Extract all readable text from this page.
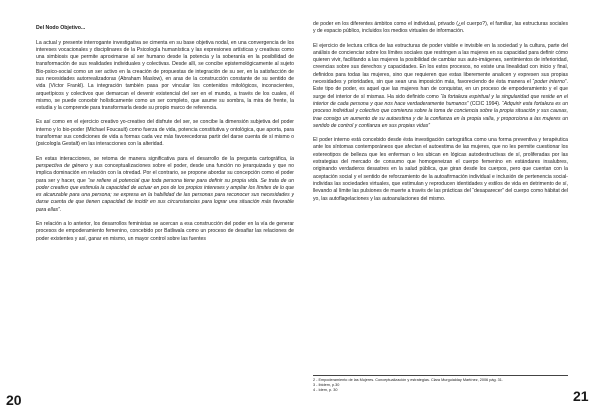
Del Nodo Objetivo...

La actual y presente interrogante investigativa se cimenta en su base objetiva nodal, en una convergencia de los intereses vocacionales y disciplinares de la Psicología humanística y las expresiones artísticas y creativas como una simbiosis que permite aproximarse al ser humano desde la potencia y la soberanía en la posibilidad de transformación de sus realidades individuales y colectivas. Desde allí, se concibe epistemológicamente al sujeto Bio-psico-social como un ser activo en la creación de propuestas de integración de su ser, en la satisfacción de sus necesidades autorrealizadoras (Abraham Maslow), en aras de la construcción constante de su sentido de vida (Víctor Frankl). La integración también pasa por vincular los contenidos mitológicos, inconscientes, arquetípicos y colectivos que demarcan el devenir existencial del ser en el mundo, a través de los cuales, él mismo, se puede concebir holísticamente como un ser completo, que asume su sombra, la mira de frente, la estudia y la comprende para transformarla desde su propio marco de referencia.

Es así como en el ejercicio creativo yo-creativo del disfrute del ser, se concibe la dimensión subjetiva del poder interno y lo bio-poder (Michael Foucault) como fuerza de vida, potencia constitutiva y ontológica, que aporta, para transformar sus condiciones de vida a formas cada vez más favorecedoras partir del darse cuenta de sí mismo o (psicología Gestalt) en las interacciones con la alteridad.

En estas interacciones, se retoma de manera significativa para el desarrollo de la pregunta cartográfica, la perspectiva de género y sus conceptualizaciones sobre el poder, desde una función no jerarquizada y que no implica dominación en relación con la otredad. Por el contrario, se propone abordar su concepción como el poder para ser y hacer, que “se refiere al potencial que toda persona tiene para definir su propia vida. Se trata de un poder creativo que estimula la capacidad de actuar en pos de los propios intereses y ampliar los límites de lo que es alcanzable para una persona; se expresa en la habilidad de las personas para reconocer sus necesidades y darse cuenta de que tienen capacidad de incidir en sus circunstancias para lograr una situación más favorable para ellas”.

En relación a lo anterior, los desarrollos feministas se acercan a esa construcción del poder en la vía de generar procesos de empoderamiento femenino, concebido por Batliwala como un proceso de desafiar las relaciones de poder existentes y así, ganar en mismo, un mayor control sobre las fuentes

de poder en los diferentes ámbitos como el individual, privado (¿el cuerpo?), el familiar, las estructuras sociales y de espacio público, incluidos los medios virtuales de información.

El ejercicio de lectura crítica de las estructuras de poder visible e invisible en la sociedad y la cultura, parte del análisis de concienciar sobre los límites sociales que restringen a las mujeres en su capacidad para definir cómo quieren vivir, facilitando a las mujeres la posibilidad de cambiar sus auto-imágenes, sentimientos de inferioridad, creencias sobre sus derechos y capacidades. En los estos procesos, no existe una linealidad con inicio y final, definidos para todas las mujeres, sino que requieren que estas liberemente analicen y expresen sus propias necesidades y prioridades, sin que sean una imposición más, favoreciendo de ésta manera el “poder interno”. Este tipo de poder, es aquel que las mujeres han de conquistar, en un proceso de empoderamiento y el que surge del interior de sí mismas. Ha sido definido como “la fortaleza espiritual y la singularidad que reside en el interior de cada persona y que nos hace verdaderamente humanos” (CCIC 1994). “Adquirir esta fortaleza es un proceso individual y colectivo que comienza sobre la toma de conciencia sobre la propia situación y sus causas, trae consigo un aumento de su autoestima y de la confianza en la propia valía, y proporciona a las mujeres un sentido de control y confianza en sus propias vidas”

El poder interno está concebido desde ésta investigación cartográfica como una forma preventiva y terapéutica ante los síntomas contemporáneos que afectan el autoestima de las mujeres, que no les permite cuestionar los estereotipos de belleza que les enferman o les ubican en lógicas autodestructivas de sí, proliferadas por las estrategias del mercado de consumo que homogeneizan el cuerpo femenino en estándares insalubres, originando verdaderos desastres en la salud pública, que giran desde los cuerpos, pero que cuentan con la aceptación social y el sentido de reforzamiento de la autoafirmación individual e inclusión de pertenencia social-individas las sociedades virtuales, que estimulan y reproducen identidades y estilos de vida en detrimento de sí, llevando al límite las pulsiones de muerte a través de las prácticas del “desaparecer” del cuerpo como hábitat del yo, las autoflagelaciones y las autoanulaciones del mismo.

2 - Empoderamiento de las Mujeres. Conceptualización y estrategias. Clara Murguialday Martínez, 2006 pág. 31.
3 - Ibidem, p.30
4 - Idem, p. 30
20	21
